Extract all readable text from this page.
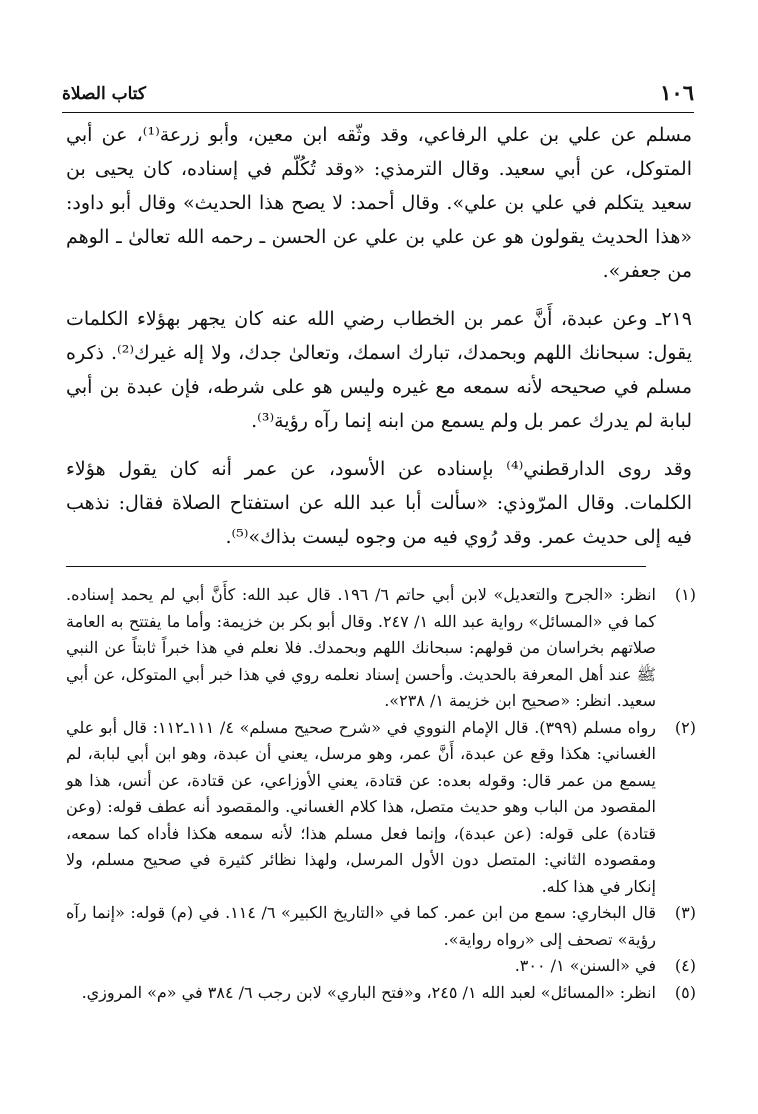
١٠٦
كتاب الصلاة

مسلم عن علي بن علي الرفاعي، وقد وثّقه ابن معين، وأبو زرعة⁽¹⁾، عن أبي المتوكل، عن أبي سعيد. وقال الترمذي: «وقد تُكُلّم في إسناده، كان يحيى بن سعيد يتكلم في علي بن علي». وقال أحمد: لا يصح هذا الحديث» وقال أبو داود: «هذا الحديث يقولون هو عن علي بن علي عن الحسن ـ رحمه الله تعالىٰ ـ الوهم من جعفر».

٢١٩ـ وعن عبدة، أَنَّ عمر بن الخطاب رضي الله عنه كان يجهر بهؤلاء الكلمات يقول: سبحانك اللهم وبحمدك، تبارك اسمك، وتعالىٰ جدك، ولا إله غيرك⁽²⁾. ذكره مسلم في صحيحه لأنه سمعه مع غيره وليس هو على شرطه، فإن عبدة بن أبي لبابة لم يدرك عمر بل ولم يسمع من ابنه إنما رآه رؤية⁽³⁾.

وقد روى الدارقطني⁽⁴⁾ بإسناده عن الأسود، عن عمر أنه كان يقول هؤلاء الكلمات. وقال المرّوذي: «سألت أبا عبد الله عن استفتاح الصلاة فقال: نذهب فيه إلى حديث عمر. وقد رُوي فيه من وجوه ليست بذاك»⁽⁵⁾.

(١)
انظر: «الجرح والتعديل» لابن أبي حاتم ٦/ ١٩٦. قال عبد الله: كأَنَّ أبي لم يحمد إسناده. كما في «المسائل» رواية عبد الله ١/ ٢٤٧. وقال أبو بكر بن خزيمة: وأما ما يفتتح به العامة صلاتهم بخراسان من قولهم: سبحانك اللهم وبحمدك. فلا نعلم في هذا خبراً ثابتاً عن النبي ﷺ عند أهل المعرفة بالحديث. وأحسن إسناد نعلمه روي في هذا خبر أبي المتوكل، عن أبي سعيد. انظر: «صحيح ابن خزيمة ١/ ٢٣٨».
(٢)
رواه مسلم (٣٩٩). قال الإمام النووي في «شرح صحيح مسلم» ٤/ ١١١ـ١١٢: قال أبو علي الغساني: هكذا وقع عن عبدة، أَنَّ عمر، وهو مرسل، يعني أن عبدة، وهو ابن أبي لبابة، لم يسمع من عمر قال: وقوله بعده: عن قتادة، يعني الأوزاعي، عن قتادة، عن أنس، هذا هو المقصود من الباب وهو حديث متصل، هذا كلام الغساني. والمقصود أنه عطف قوله: (وعن قتادة) على قوله: (عن عبدة)، وإنما فعل مسلم هذا؛ لأنه سمعه هكذا فأداه كما سمعه، ومقصوده الثاني: المتصل دون الأول المرسل، ولهذا نظائر كثيرة في صحيح مسلم، ولا إنكار في هذا كله.
(٣)
قال البخاري: سمع من ابن عمر. كما في «التاريخ الكبير» ٦/ ١١٤. في (م) قوله: «إنما رآه رؤية» تصحف إلى «رواه رواية».
(٤)
في «السنن» ١/ ٣٠٠.
(٥)
انظر: «المسائل» لعبد الله ١/ ٢٤٥، و«فتح الباري» لابن رجب ٦/ ٣٨٤ في «م» المروزي.
